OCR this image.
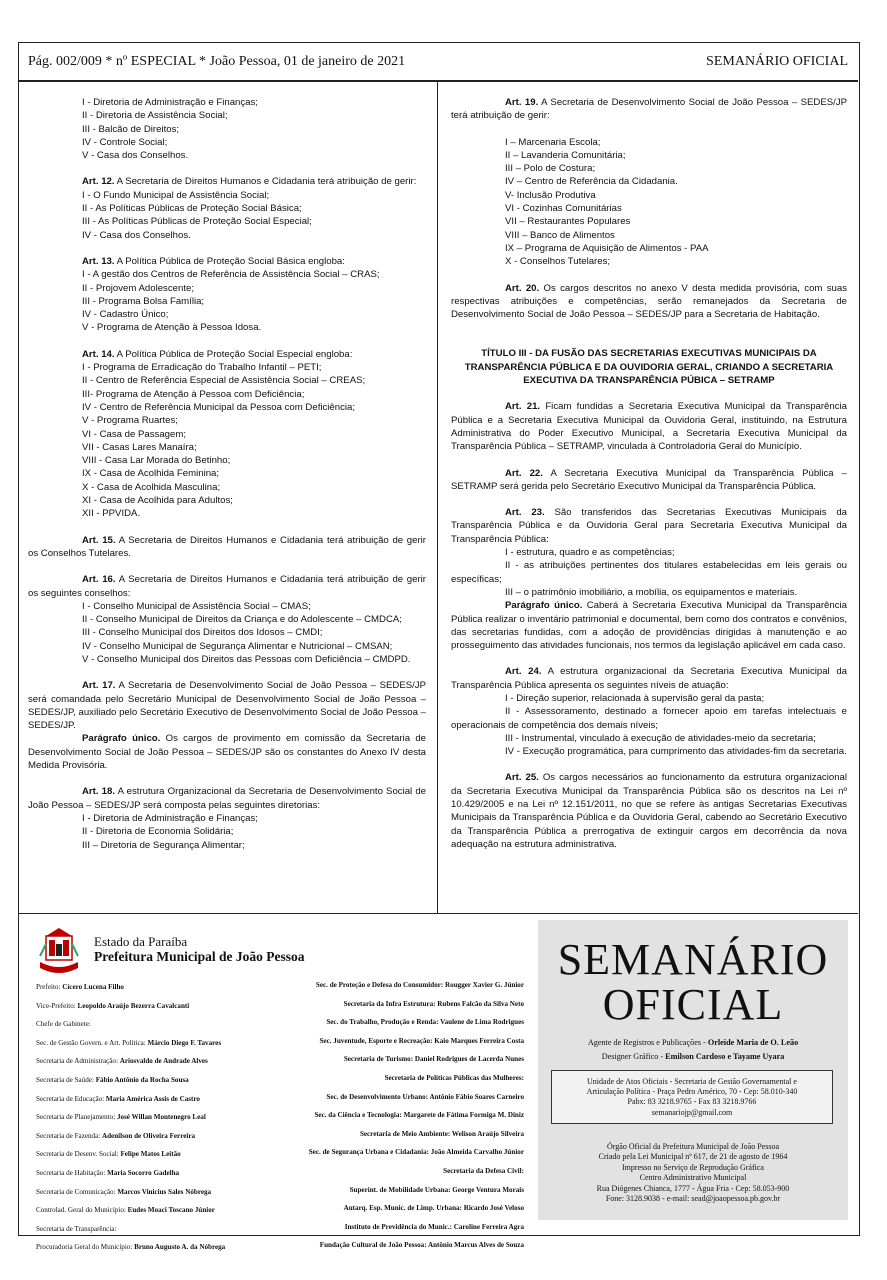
Pág. 002/009 * nº ESPECIAL * João Pessoa, 01 de janeiro de 2021	SEMANÁRIO OFICIAL

I - Diretoria de Administração e Finanças;

II - Diretoria de Assistência Social;

III - Balcão de Direitos;

IV - Controle Social;

V - Casa dos Conselhos.

Art. 12. A Secretaria de Direitos Humanos e Cidadania terá atribuição de gerir:

I - O Fundo Municipal de Assistência Social;

II - As Políticas Públicas de Proteção Social Básica;

III - As Políticas Públicas de Proteção Social Especial;

IV - Casa dos Conselhos.

Art. 13. A Política Pública de Proteção Social Básica engloba:

I - A gestão dos Centros de Referência de Assistência Social – CRAS;

II - Projovem Adolescente;

III - Programa Bolsa Família;

IV - Cadastro Único;

V - Programa de Atenção à Pessoa Idosa.

Art. 14. A Política Pública de Proteção Social Especial engloba:

I - Programa de Erradicação do Trabalho Infantil – PETI;

II - Centro de Referência Especial de Assistência Social – CREAS;

III- Programa de Atenção à Pessoa com Deficiência;

IV - Centro de Referência Municipal da Pessoa com Deficiência;

V - Programa Ruartes;

VI - Casa de Passagem;

VII - Casas Lares Manaíra;

VIII - Casa Lar Morada do Betinho;

IX - Casa de Acolhida Feminina;

X - Casa de Acolhida Masculina;

XI - Casa de Acolhida para Adultos;

XII - PPVIDA.

Art. 15. A Secretaria de Direitos Humanos e Cidadania terá atribuição de gerir os Conselhos Tutelares.

Art. 16. A Secretaria de Direitos Humanos e Cidadania terá atribuição de gerir os seguintes conselhos:

I - Conselho Municipal de Assistência Social – CMAS;

II - Conselho Municipal de Direitos da Criança e do Adolescente – CMDCA;

III - Conselho Municipal dos Direitos dos Idosos – CMDI;

IV - Conselho Municipal de Segurança Alimentar e Nutricional – CMSAN;

V - Conselho Municipal dos Direitos das Pessoas com Deficiência – CMDPD.

Art. 17. A Secretaria de Desenvolvimento Social de João Pessoa – SEDES/JP será comandada pelo Secretário Municipal de Desenvolvimento Social de João Pessoa – SEDES/JP, auxiliado pelo Secretário Executivo de Desenvolvimento Social de João Pessoa – SEDES/JP.

Parágrafo único. Os cargos de provimento em comissão da Secretaria de Desenvolvimento Social de João Pessoa – SEDES/JP são os constantes do Anexo IV desta Medida Provisória.

Art. 18. A estrutura Organizacional da Secretaria de Desenvolvimento Social de João Pessoa – SEDES/JP será composta pelas seguintes diretorias:

I - Diretoria de Administração e Finanças;

II - Diretoria de Economia Solidária;

III – Diretoria de Segurança Alimentar;

Art. 19. A Secretaria de Desenvolvimento Social de João Pessoa – SEDES/JP terá atribuição de gerir:

I – Marcenaria Escola;

II – Lavanderia Comunitária;

III – Polo de Costura;

IV – Centro de Referência da Cidadania.

V- Inclusão Produtiva

VI - Cozinhas Comunitárias

VII – Restaurantes Populares

VIII – Banco de Alimentos

IX – Programa de Aquisição de Alimentos - PAA

X - Conselhos Tutelares;

Art. 20. Os cargos descritos no anexo V desta medida provisória, com suas respectivas atribuições e competências, serão remanejados da Secretaria de Desenvolvimento Social de João Pessoa – SEDES/JP para a Secretaria de Habitação.

TÍTULO III - DA FUSÃO DAS SECRETARIAS EXECUTIVAS MUNICIPAIS DA TRANSPARÊNCIA PÚBLICA E DA OUVIDORIA GERAL, CRIANDO A SECRETARIA EXECUTIVA DA TRANSPARÊNCIA PÚBICA – SETRAMP

Art. 21. Ficam fundidas a Secretaria Executiva Municipal da Transparência Pública e a Secretaria Executiva Municipal da Ouvidoria Geral, instituindo, na Estrutura Administrativa do Poder Executivo Municipal, a Secretaria Executiva Municipal da Transparência Pública – SETRAMP, vinculada à Controladoria Geral do Município.

Art. 22. A Secretaria Executiva Municipal da Transparência Pública – SETRAMP será gerida pelo Secretário Executivo Municipal da Transparência Pública.

Art. 23. São transferidos das Secretarias Executivas Municipais da Transparência Pública e da Ouvidoria Geral para Secretaria Executiva Municipal da Transparência Pública:

I - estrutura, quadro e as competências;

II - as atribuições pertinentes dos titulares estabelecidas em leis gerais ou específicas;

III – o patrimônio imobiliário, a mobília, os equipamentos e materiais.

Parágrafo único. Caberá à Secretaria Executiva Municipal da Transparência Pública realizar o inventário patrimonial e documental, bem como dos contratos e convênios, das secretarias fundidas, com a adoção de providências dirigidas à manutenção e ao prosseguimento das atividades funcionais, nos termos da legislação aplicável em cada caso.

Art. 24. A estrutura organizacional da Secretaria Executiva Municipal da Transparência Pública apresenta os seguintes níveis de atuação:

I - Direção superior, relacionada à supervisão geral da pasta;

II - Assessoramento, destinado a fornecer apoio em tarefas intelectuais e operacionais de competência dos demais níveis;

III - Instrumental, vinculado à execução de atividades-meio da secretaria;

IV - Execução programática, para cumprimento das atividades-fim da secretaria.

Art. 25. Os cargos necessários ao funcionamento da estrutura organizacional da Secretaria Executiva Municipal da Transparência Pública são os descritos na Lei nº 10.429/2005 e na Lei nº 12.151/2011, no que se refere às antigas Secretarias Executivas Municipais da Transparência Pública e da Ouvidoria Geral, cabendo ao Secretário Executivo da Transparência Pública a prerrogativa de extinguir cargos em decorrência da nova adequação na estrutura administrativa.

Estado da Paraíba
Prefeitura Municipal de João Pessoa
Prefeito: Cícero Lucena Filho
Vice-Prefeito: Leopoldo Araújo Bezerra Cavalcanti
Chefe de Gabinete:
Sec. de Gestão Govern. e Art. Política: Márcio Diego F. Tavares
Secretaria de Administração: Ariosvaldo de Andrade Alves
Secretaria de Saúde: Fábio Antônio da Rocha Sousa
Secretaria de Educação: Maria América Assis de Castro
Secretaria de Planejamento: José Willan Montenegro Leal
Secretaria de Fazenda: Adenilson de Oliveira Ferreira
Secretaria de Desenv. Social: Felipe Matos Leitão
Secretaria de Habitação: Maria Socorro Gadelha
Secretaria de Comunicação: Marcos Vinicius Sales Nóbrega
Controlad. Geral do Município: Eudes Moaci Toscano Júnior
Secretaria de Transparência:
Procuradoria Geral do Município: Bruno Augusto A. da Nóbrega
Sec. de Proteção e Defesa do Consumidor: Rougger Xavier G. Júnior
Secretaria da Infra Estrutura: Rubens Falcão da Silva Neto
Sec. do Trabalho, Produção e Renda: Vaulene de Lima Rodrigues
Sec. Juventude, Esporte e Recreação: Kaio Marques Ferreira Costa
Secretaria de Turismo: Daniel Rodrigues de Lacerda Nunes
Secretaria de Políticas Públicas das Mulheres:
Sec. de Desenvolvimento Urbano: Antônio Fábio Soares Carneiro
Sec. da Ciência e Tecnologia: Margarete de Fátima Formiga M. Diniz
Secretaria de Meio Ambiente: Welison Araújo Silveira
Sec. de Segurança Urbana e Cidadania: João Almeida Carvalho Júnior
Secretaria da Defesa Civil:
Superint. de Mobilidade Urbana: George Ventura Morais
Autarq. Esp. Munic. de Limp. Urbana: Ricardo José Veloso
Instituto de Previdência do Munic.: Caroline Ferreira Agra
Fundação Cultural de João Pessoa: Antônio Marcus Alves de Souza
SEMANÁRIO
OFICIAL
Agente de Registros e Publicações - Orleide Maria de O. Leão
Designer Gráfico - Emilson Cardoso e Tayame Uyara
Unidade de Atos Oficiais - Secretaria de Gestão Governamental e
Articulação Política - Praça Pedro Américo, 70 - Cep: 58.010-340
Pabx: 83 3218.9765 - Fax 83 3218.9766
semanariojp@gmail.com
Órgão Oficial da Prefeitura Municipal de João Pessoa
Criado pela Lei Municipal nº 617, de 21 de agosto de 1964
Impresso no Serviço de Reprodução Gráfica
Centro Administrativo Municipal
Rua Diógenes Chianca, 1777 - Água Fria - Cep: 58.053-900
Fone: 3128.9038 - e-mail: sead@joaopessoa.pb.gov.br
